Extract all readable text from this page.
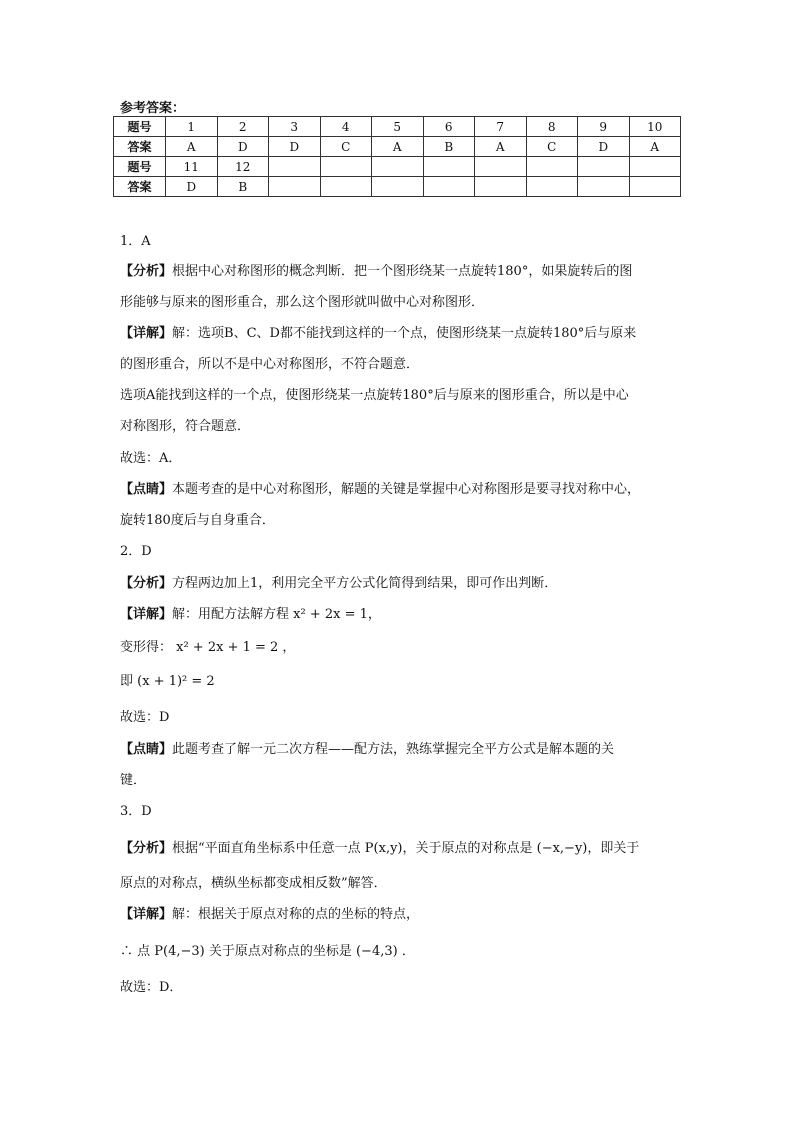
参考答案：
题号	1	2	3	4	5	6	7	8	9	10
答案	A	D	D	C	A	B	A	C	D	A
题号	11	12								
答案	D	B								
1．A
【分析】根据中心对称图形的概念判断．把一个图形绕某一点旋转180°，如果旋转后的图
形能够与原来的图形重合，那么这个图形就叫做中心对称图形．
【详解】解：选项B、C、D都不能找到这样的一个点，使图形绕某一点旋转180°后与原来
的图形重合，所以不是中心对称图形，不符合题意．
选项A能找到这样的一个点，使图形绕某一点旋转180°后与原来的图形重合，所以是中心
对称图形，符合题意．
故选：A．
【点睛】本题考查的是中心对称图形，解题的关键是掌握中心对称图形是要寻找对称中心，
旋转180度后与自身重合．
2．D
【分析】方程两边加上1，利用完全平方公式化简得到结果，即可作出判断．
【详解】解：用配方法解方程 x² + 2x = 1，
变形得： x² + 2x + 1 = 2 ，
即 (x + 1)² = 2
故选：D
【点睛】此题考查了解一元二次方程——配方法，熟练掌握完全平方公式是解本题的关
键．
3．D
【分析】根据“平面直角坐标系中任意一点 P(x,y)，关于原点的对称点是 (−x,−y)，即关于
原点的对称点，横纵坐标都变成相反数”解答．
【详解】解：根据关于原点对称的点的坐标的特点，
∴ 点 P(4,−3) 关于原点对称点的坐标是 (−4,3) ．
故选：D．
